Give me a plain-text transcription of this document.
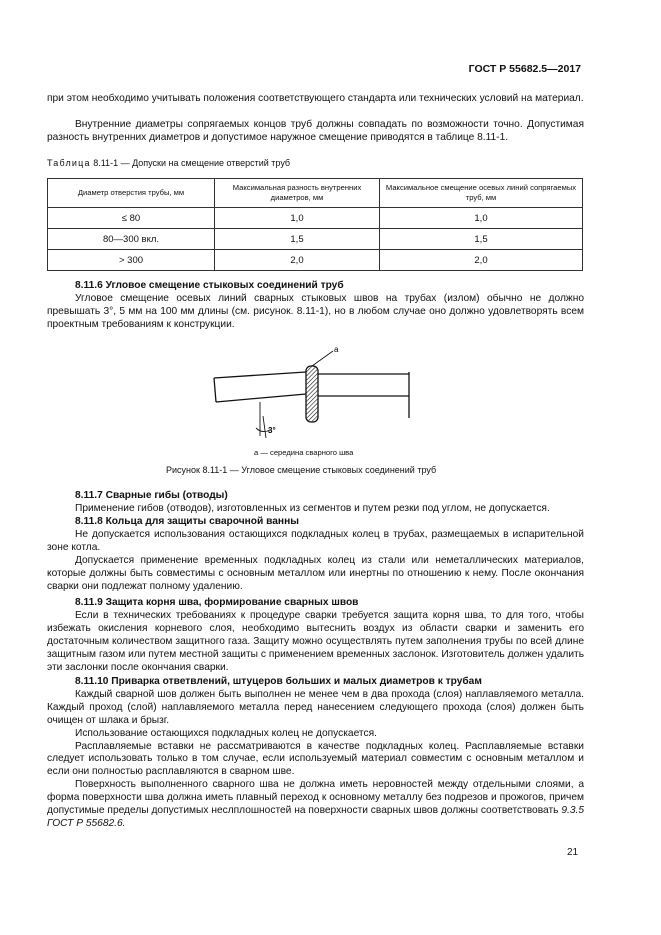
ГОСТ Р 55682.5—2017
при этом необходимо учитывать положения соответствующего стандарта или технических условий на материал.
Внутренние диаметры сопрягаемых концов труб должны совпадать по возможности точно. Допустимая разность внутренних диаметров и допустимое наружное смещение приводятся в таблице 8.11-1.
Таблица 8.11-1 — Допуски на смещение отверстий труб
Диаметр отверстия трубы, мм	Максимальная разность внутренних диаметров, мм	Максимальное смещение осевых линий сопрягаемых труб, мм
≤ 80	1,0	1,0
80—300 вкл.	1,5	1,5
> 300	2,0	2,0
8.11.6 Угловое смещение стыковых соединений труб
Угловое смещение осевых линий сварных стыковых швов на трубах (излом) обычно не должно превышать 3°, 5 мм на 100 мм длины (см. рисунок. 8.11-1), но в любом случае оно должно удовлетворять всем проектным требованиям к конструкции.
a
3°
а — середина сварного шва
Рисунок 8.11-1 — Угловое смещение стыковых соединений труб
8.11.7 Сварные гибы (отводы)
Применение гибов (отводов), изготовленных из сегментов и путем резки под углом, не допускается.
8.11.8 Кольца для защиты сварочной ванны
Не допускается использования остающихся подкладных колец в трубах, размещаемых в испарительной зоне котла.
Допускается применение временных подкладных колец из стали или неметаллических материалов, которые должны быть совместимы с основным металлом или инертны по отношению к нему. После окончания сварки они подлежат полному удалению.
8.11.9 Защита корня шва, формирование сварных швов
Если в технических требованиях к процедуре сварки требуется защита корня шва, то для того, чтобы избежать окисления корневого слоя, необходимо вытеснить воздух из области сварки и заменить его достаточным количеством защитного газа. Защиту можно осуществлять путем заполнения трубы по всей длине защитным газом или путем местной защиты с применением временных заслонок. Изготовитель должен удалить эти заслонки после окончания сварки.
8.11.10 Приварка ответвлений, штуцеров больших и малых диаметров к трубам
Каждый сварной шов должен быть выполнен не менее чем в два прохода (слоя) наплавляемого металла. Каждый проход (слой) наплавляемого металла перед нанесением следующего прохода (слоя) должен быть очищен от шлака и брызг.
Использование остающихся подкладных колец не допускается.
Расплавляемые вставки не рассматриваются в качестве подкладных колец. Расплавляемые вставки следует использовать только в том случае, если используемый материал совместим с основным металлом и если они полностью расплавляются в сварном шве.
Поверхность выполненного сварного шва не должна иметь неровностей между отдельными слоями, а форма поверхности шва должна иметь плавный переход к основному металлу без подрезов и прожогов, причем допустимые пределы допустимых неслплошностей на поверхности сварных швов должны соответствовать 9.3.5 ГОСТ Р 55682.6.
21
